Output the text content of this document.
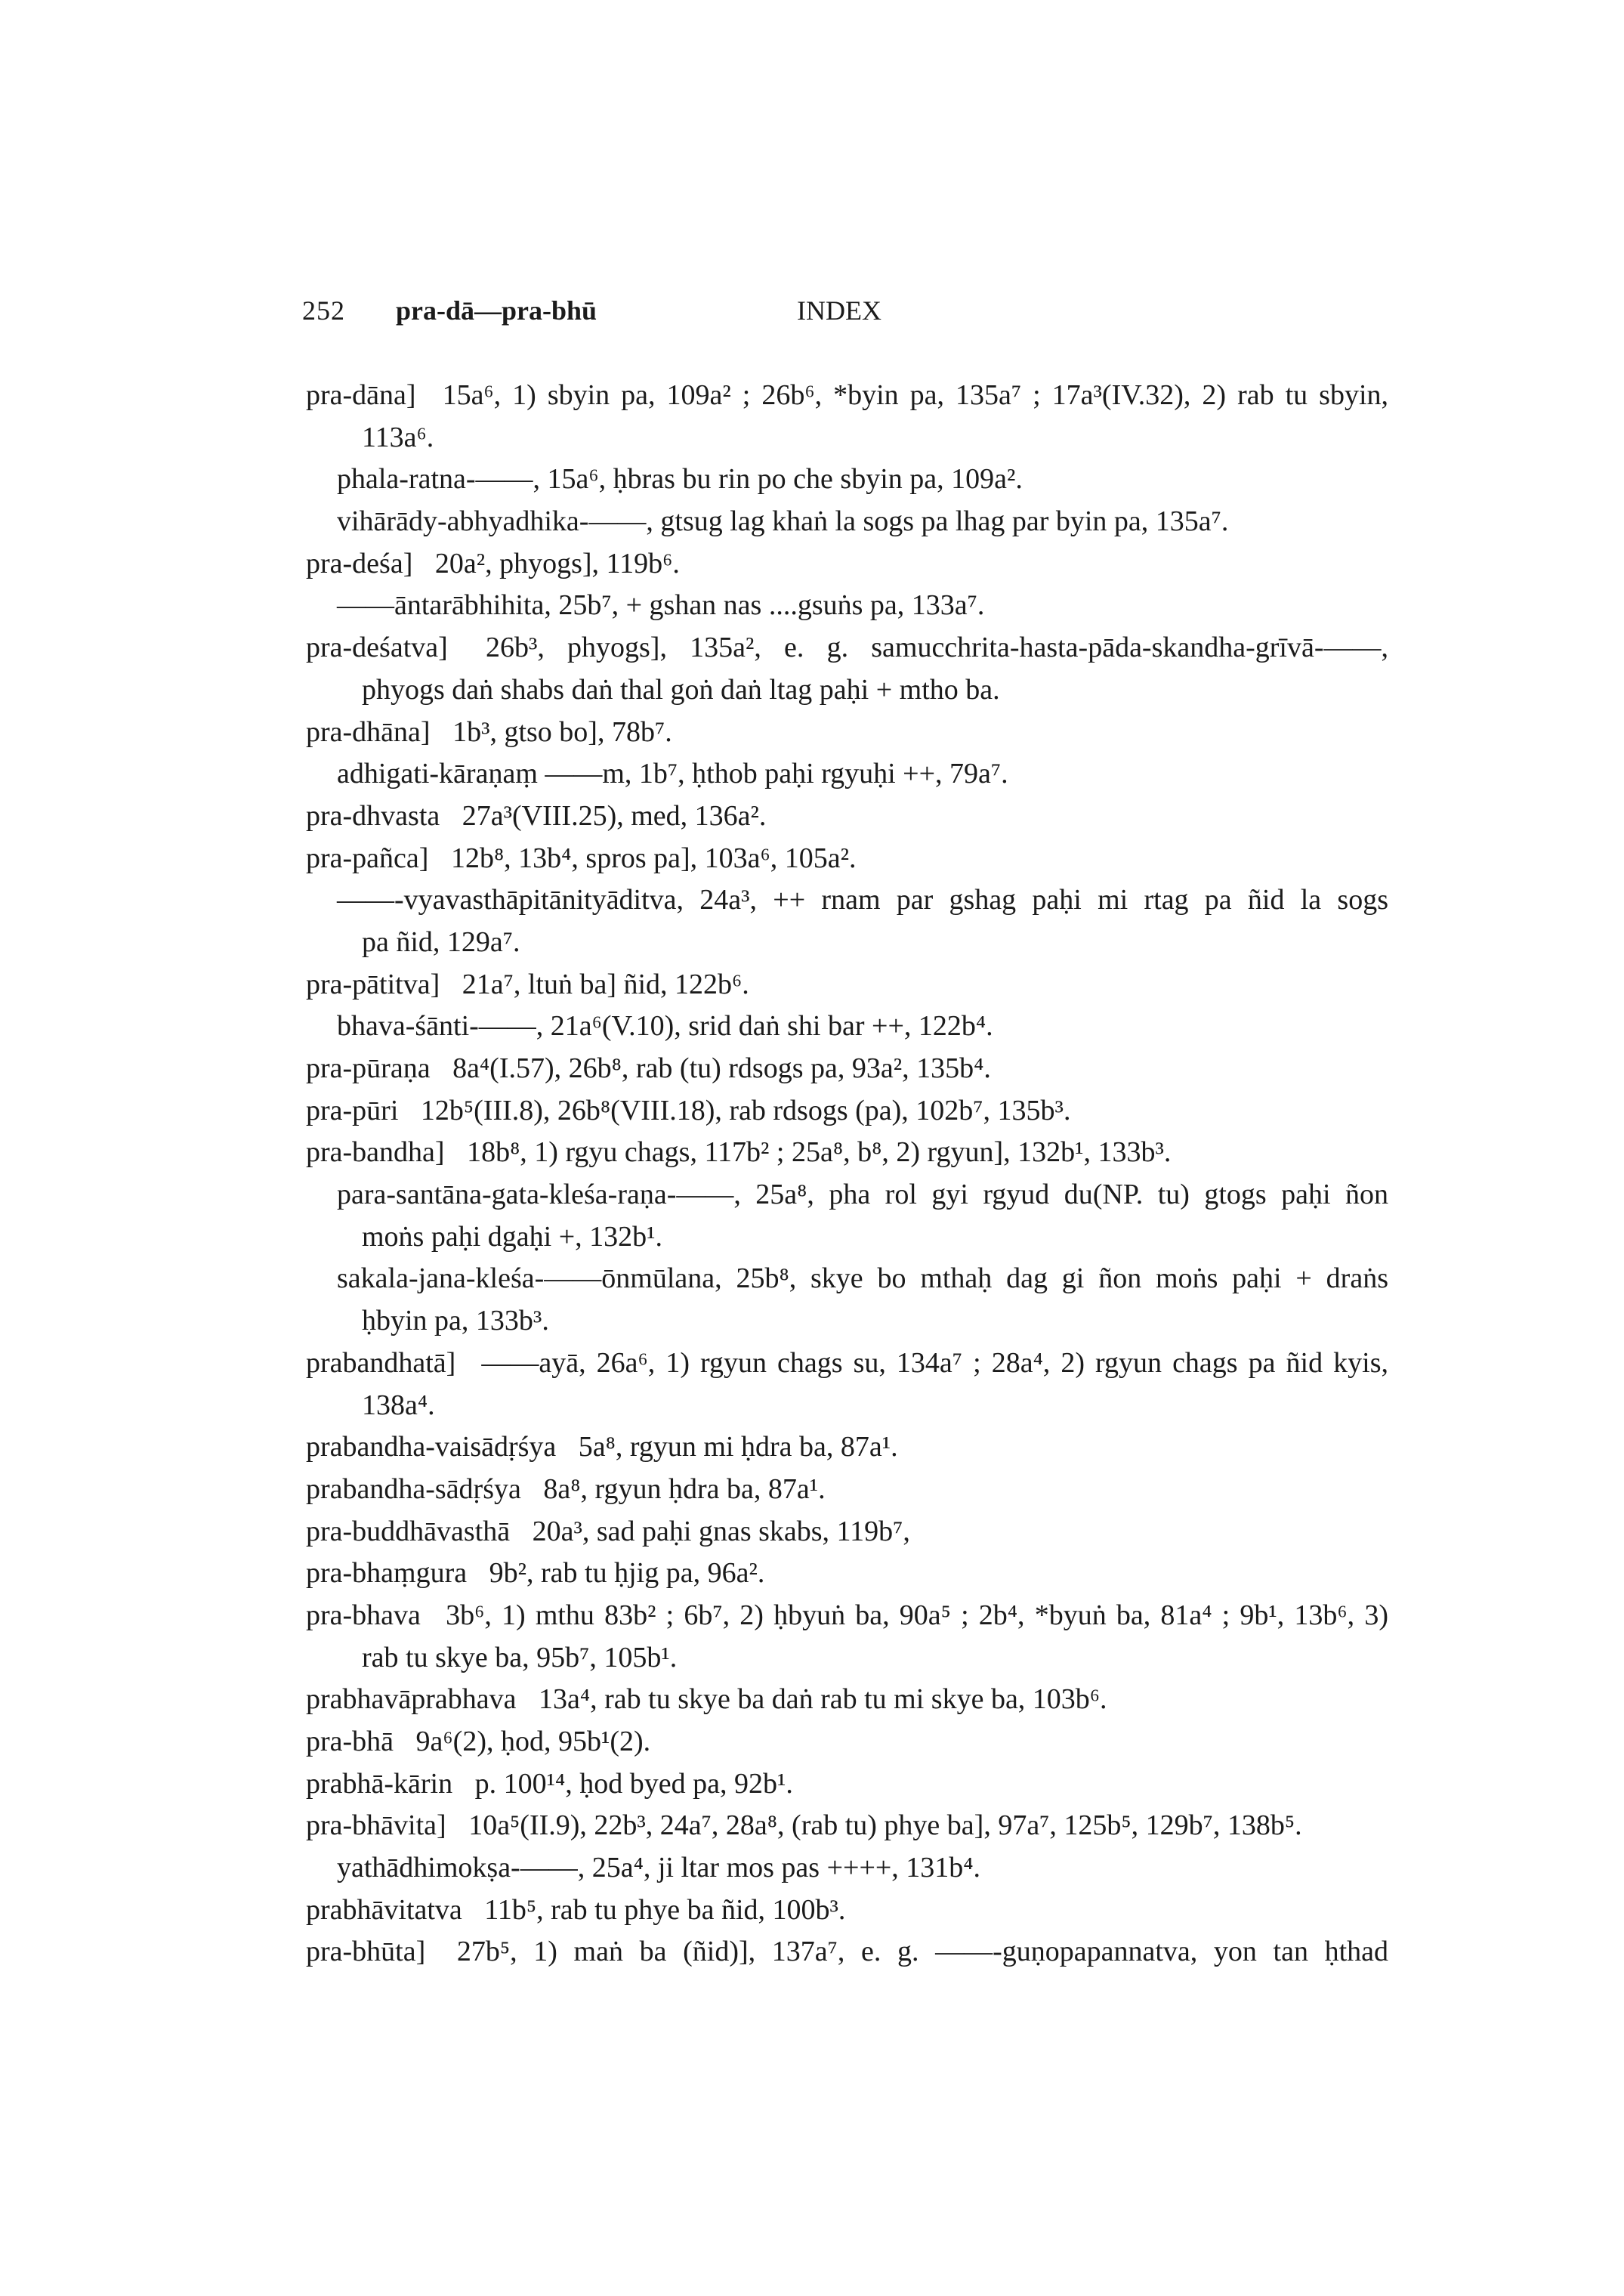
252 pra-dā—pra-bhū	INDEX
pra-dāna] 15a⁶, 1) sbyin pa, 109a² ; 26b⁶, *byin pa, 135a⁷ ; 17a³(IV.32), 2) rab tu sbyin,
113a⁶.
phala-ratna-——, 15a⁶, ḥbras bu rin po che sbyin pa, 109a².
vihārādy-abhyadhika-——, gtsug lag khaṅ la sogs pa lhag par byin pa, 135a⁷.
pra-deśa] 20a², phyogs], 119b⁶.
——āntarābhihita, 25b⁷, + gshan nas ....gsuṅs pa, 133a⁷.
pra-deśatva] 26b³, phyogs], 135a², e. g. samucchrita-hasta-pāda-skandha-grīvā-——,
phyogs daṅ shabs daṅ thal goṅ daṅ ltag paḥi + mtho ba.
pra-dhāna] 1b³, gtso bo], 78b⁷.
adhigati-kāraṇaṃ ——m, 1b⁷, ḥthob paḥi rgyuḥi ++, 79a⁷.
pra-dhvasta 27a³(VIII.25), med, 136a².
pra-pañca] 12b⁸, 13b⁴, spros pa], 103a⁶, 105a².
——-vyavasthāpitānityāditva, 24a³, ++ rnam par gshag paḥi mi rtag pa ñid la sogs
pa ñid, 129a⁷.
pra-pātitva] 21a⁷, ltuṅ ba] ñid, 122b⁶.
bhava-śānti-——, 21a⁶(V.10), srid daṅ shi bar ++, 122b⁴.
pra-pūraṇa 8a⁴(I.57), 26b⁸, rab (tu) rdsogs pa, 93a², 135b⁴.
pra-pūri 12b⁵(III.8), 26b⁸(VIII.18), rab rdsogs (pa), 102b⁷, 135b³.
pra-bandha] 18b⁸, 1) rgyu chags, 117b² ; 25a⁸, b⁸, 2) rgyun], 132b¹, 133b³.
para-santāna-gata-kleśa-raṇa-——, 25a⁸, pha rol gyi rgyud du(NP. tu) gtogs paḥi ñon
moṅs paḥi dgaḥi +, 132b¹.
sakala-jana-kleśa-——ōnmūlana, 25b⁸, skye bo mthaḥ dag gi ñon moṅs paḥi + draṅs
ḥbyin pa, 133b³.
prabandhatā] ——ayā, 26a⁶, 1) rgyun chags su, 134a⁷ ; 28a⁴, 2) rgyun chags pa ñid kyis,
138a⁴.
prabandha-vaisādṛśya 5a⁸, rgyun mi ḥdra ba, 87a¹.
prabandha-sādṛśya 8a⁸, rgyun ḥdra ba, 87a¹.
pra-buddhāvasthā 20a³, sad paḥi gnas skabs, 119b⁷,
pra-bhaṃgura 9b², rab tu ḥjig pa, 96a².
pra-bhava 3b⁶, 1) mthu 83b² ; 6b⁷, 2) ḥbyuṅ ba, 90a⁵ ; 2b⁴, *byuṅ ba, 81a⁴ ; 9b¹, 13b⁶, 3)
rab tu skye ba, 95b⁷, 105b¹.
prabhavāprabhava 13a⁴, rab tu skye ba daṅ rab tu mi skye ba, 103b⁶.
pra-bhā 9a⁶(2), ḥod, 95b¹(2).
prabhā-kārin p. 100¹⁴, ḥod byed pa, 92b¹.
pra-bhāvita] 10a⁵(II.9), 22b³, 24a⁷, 28a⁸, (rab tu) phye ba], 97a⁷, 125b⁵, 129b⁷, 138b⁵.
yathādhimokṣa-——, 25a⁴, ji ltar mos pas ++++, 131b⁴.
prabhāvitatva 11b⁵, rab tu phye ba ñid, 100b³.
pra-bhūta] 27b⁵, 1) maṅ ba (ñid)], 137a⁷, e. g. ——-guṇopapannatva, yon tan ḥthad
